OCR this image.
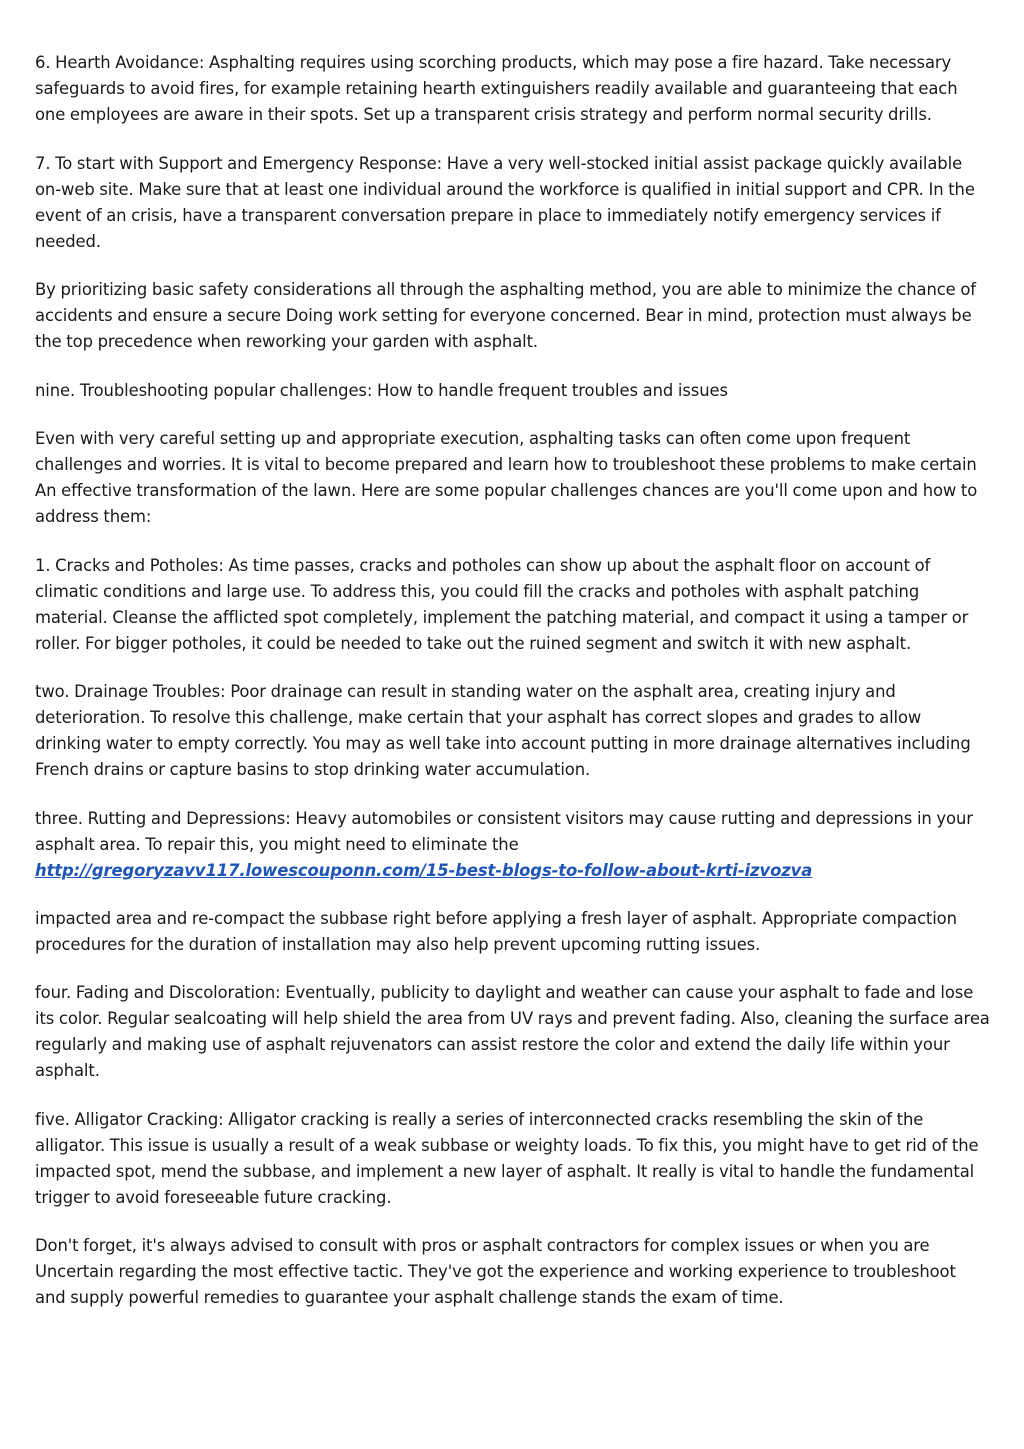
6. Hearth Avoidance: Asphalting requires using scorching products, which may pose a fire hazard. Take necessary safeguards to avoid fires, for example retaining hearth extinguishers readily available and guaranteeing that each one employees are aware in their spots. Set up a transparent crisis strategy and perform normal security drills.

7. To start with Support and Emergency Response: Have a very well-stocked initial assist package quickly available on-web site. Make sure that at least one individual around the workforce is qualified in initial support and CPR. In the event of an crisis, have a transparent conversation prepare in place to immediately notify emergency services if needed.

By prioritizing basic safety considerations all through the asphalting method, you are able to minimize the chance of accidents and ensure a secure Doing work setting for everyone concerned. Bear in mind, protection must always be the top precedence when reworking your garden with asphalt.

nine. Troubleshooting popular challenges: How to handle frequent troubles and issues

Even with very careful setting up and appropriate execution, asphalting tasks can often come upon frequent challenges and worries. It is vital to become prepared and learn how to troubleshoot these problems to make certain An effective transformation of the lawn. Here are some popular challenges chances are you'll come upon and how to address them:

1. Cracks and Potholes: As time passes, cracks and potholes can show up about the asphalt floor on account of climatic conditions and large use. To address this, you could fill the cracks and potholes with asphalt patching material. Cleanse the afflicted spot completely, implement the patching material, and compact it using a tamper or roller. For bigger potholes, it could be needed to take out the ruined segment and switch it with new asphalt.

two. Drainage Troubles: Poor drainage can result in standing water on the asphalt area, creating injury and deterioration. To resolve this challenge, make certain that your asphalt has correct slopes and grades to allow drinking water to empty correctly. You may as well take into account putting in more drainage alternatives including French drains or capture basins to stop drinking water accumulation.

three. Rutting and Depressions: Heavy automobiles or consistent visitors may cause rutting and depressions in your asphalt area. To repair this, you might need to eliminate the

http://gregoryzavv117.lowescouponn.com/15-best-blogs-to-follow-about-krti-izvozva

impacted area and re-compact the subbase right before applying a fresh layer of asphalt. Appropriate compaction procedures for the duration of installation may also help prevent upcoming rutting issues.

four. Fading and Discoloration: Eventually, publicity to daylight and weather can cause your asphalt to fade and lose its color. Regular sealcoating will help shield the area from UV rays and prevent fading. Also, cleaning the surface area regularly and making use of asphalt rejuvenators can assist restore the color and extend the daily life within your asphalt.

five. Alligator Cracking: Alligator cracking is really a series of interconnected cracks resembling the skin of the alligator. This issue is usually a result of a weak subbase or weighty loads. To fix this, you might have to get rid of the impacted spot, mend the subbase, and implement a new layer of asphalt. It really is vital to handle the fundamental trigger to avoid foreseeable future cracking.

Don't forget, it's always advised to consult with pros or asphalt contractors for complex issues or when you are Uncertain regarding the most effective tactic. They've got the experience and working experience to troubleshoot and supply powerful remedies to guarantee your asphalt challenge stands the exam of time.
